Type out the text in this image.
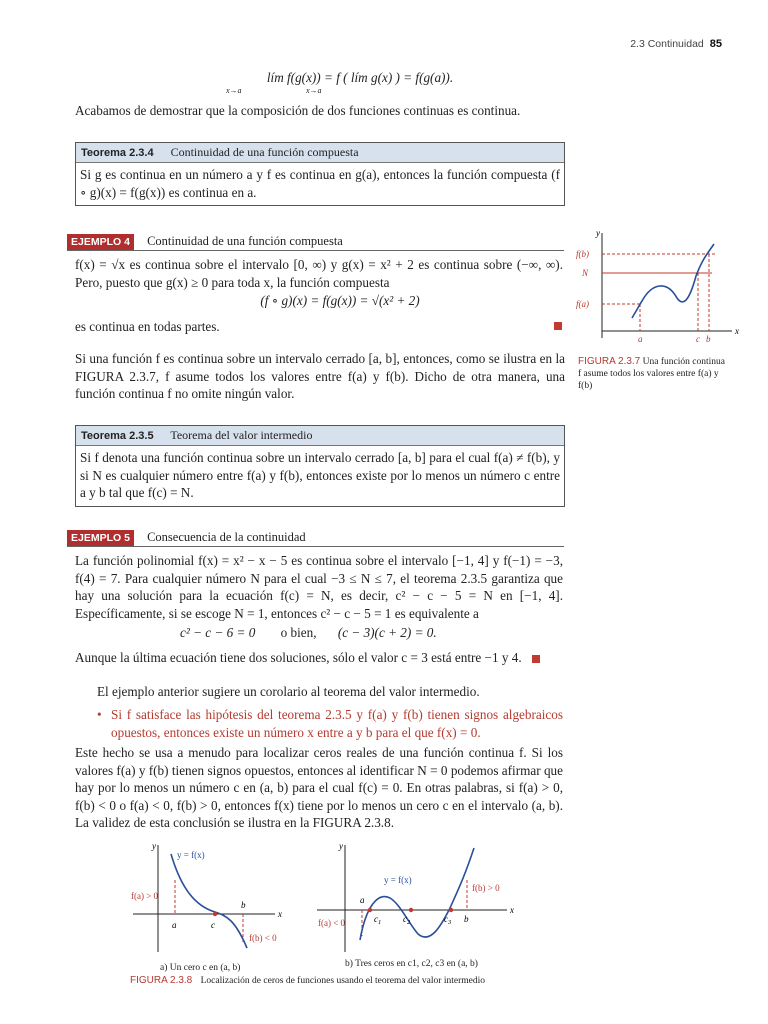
2.3 Continuidad 85
lím f(g(x)) = f ( lím g(x) ) = f(g(a)).
x→a	x→a
Acabamos de demostrar que la composición de dos funciones continuas es continua.
Teorema 2.3.4 Continuidad de una función compuesta
Si g es continua en un número a y f es continua en g(a), entonces la función compuesta (f ∘ g)(x) = f(g(x)) es continua en a.
EJEMPLO 4 Continuidad de una función compuesta
f(x) = √x es continua sobre el intervalo [0, ∞) y g(x) = x² + 2 es continua sobre (−∞, ∞). Pero, puesto que g(x) ≥ 0 para toda x, la función compuesta
(f ∘ g)(x) = f(g(x)) = √(x² + 2)
es continua en todas partes.
Si una función f es continua sobre un intervalo cerrado [a, b], entonces, como se ilustra en la FIGURA 2.3.7, f asume todos los valores entre f(a) y f(b). Dicho de otra manera, una función continua f no omite ningún valor.
y
x
f(b)
N
f(a)
a	c b
FIGURA 2.3.7 Una función continua f asume todos los valores entre f(a) y f(b)
Teorema 2.3.5 Teorema del valor intermedio
Si f denota una función continua sobre un intervalo cerrado [a, b] para el cual f(a) ≠ f(b), y si N es cualquier número entre f(a) y f(b), entonces existe por lo menos un número c entre a y b tal que f(c) = N.
EJEMPLO 5 Consecuencia de la continuidad
La función polinomial f(x) = x² − x − 5 es continua sobre el intervalo [−1, 4] y f(−1) = −3, f(4) = 7. Para cualquier número N para el cual −3 ≤ N ≤ 7, el teorema 2.3.5 garantiza que hay una solución para la ecuación f(c) = N, es decir, c² − c − 5 = N en [−1, 4]. Específicamente, si se escoge N = 1, entonces c² − c − 5 = 1 es equivalente a
c² − c − 6 = 0 o bien, (c − 3)(c + 2) = 0.
Aunque la última ecuación tiene dos soluciones, sólo el valor c = 3 está entre −1 y 4.
El ejemplo anterior sugiere un corolario al teorema del valor intermedio.
• Si f satisface las hipótesis del teorema 2.3.5 y f(a) y f(b) tienen signos algebraicos opuestos, entonces existe un número x entre a y b para el que f(x) = 0.
Este hecho se usa a menudo para localizar ceros reales de una función continua f. Si los valores f(a) y f(b) tienen signos opuestos, entonces al identificar N = 0 podemos afirmar que hay por lo menos un número c en (a, b) para el cual f(c) = 0. En otras palabras, si f(a) > 0, f(b) < 0 o f(a) < 0, f(b) > 0, entonces f(x) tiene por lo menos un cero c en el intervalo (a, b). La validez de esta conclusión se ilustra en la FIGURA 2.3.8.
y
x
y = f(x)
f(a) > 0
f(b) < 0
a
b
c
a) Un cero c en (a, b)
y
x
y = f(x)
f(a) < 0
f(b) > 0
a
b
$c_1$ $c_2$	$c_3$
b) Tres ceros en c1, c2, c3 en (a, b)
FIGURA 2.3.8 Localización de ceros de funciones usando el teorema del valor intermedio
